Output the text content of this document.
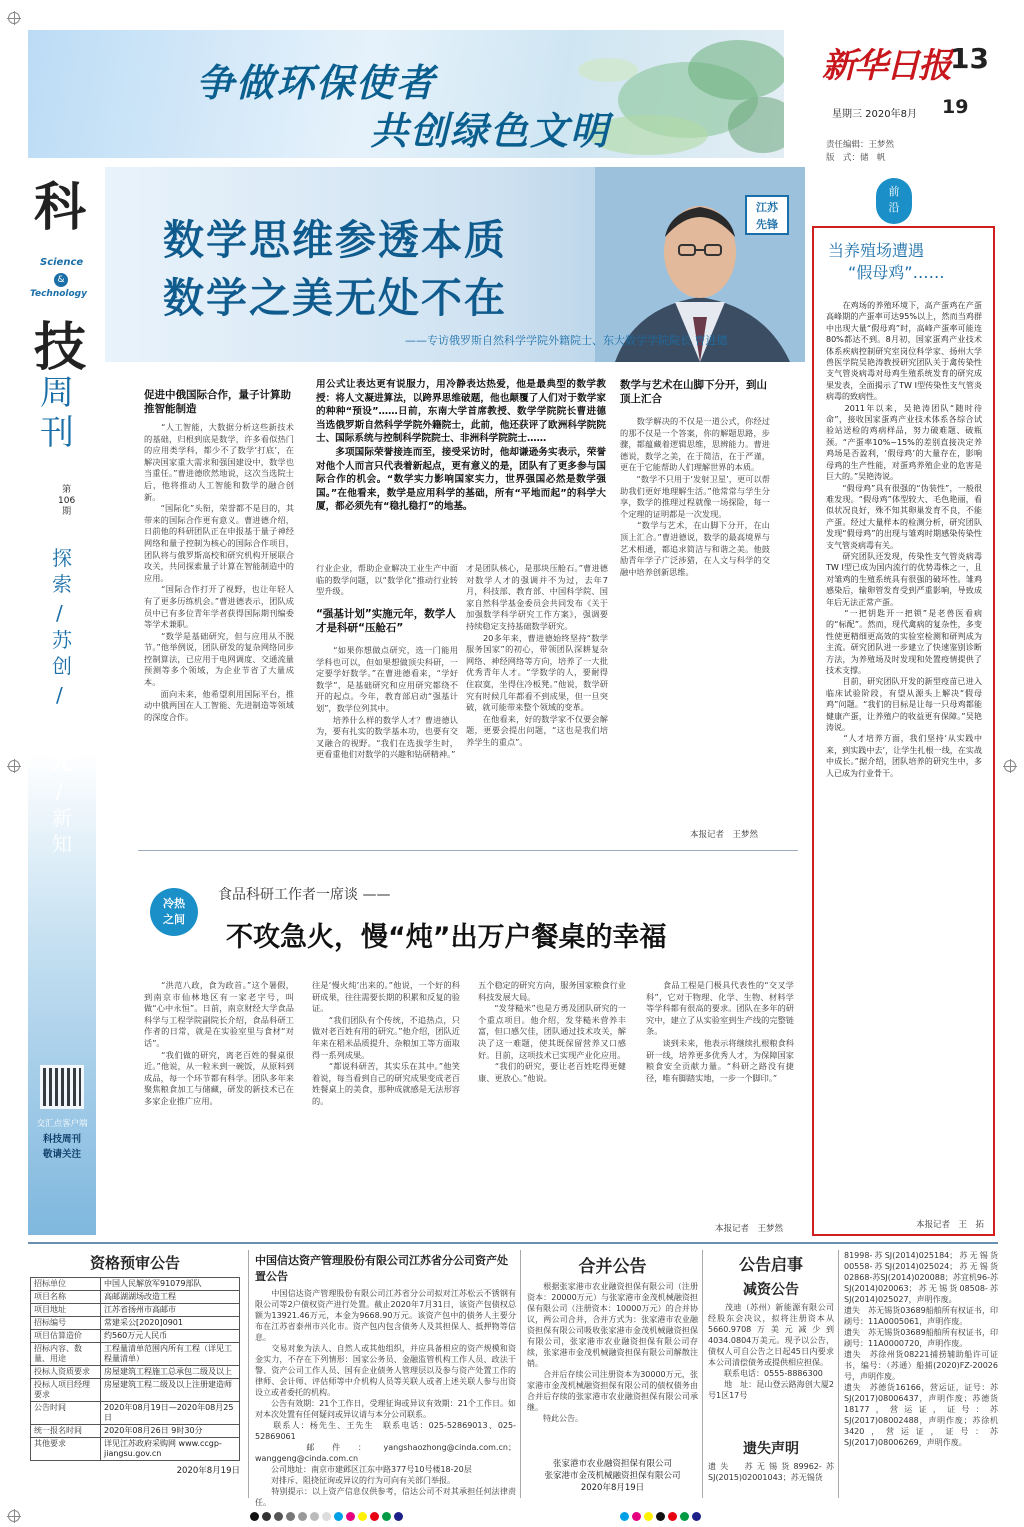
争做环保使者
共创绿色文明
新华日报 13
星期三 2020年8月 19
责任编辑：王梦然
版　式：储　帆
科
Science
&
Technology
技
周
刊
第
106
期
探索
/
苏创
/
星光
/
新知
交汇点客户端
科技周刊
敬请关注
江苏
先锋
数学思维参透本质
数学之美无处不在
——专访俄罗斯自然科学学院外籍院士、东大数学学院院长 曹进德
用公式让表达更有说服力，用冷静表达热爱，他是最典型的数学教授：将人文凝进算法，以跨界思维破题，他也颠覆了人们对于数学家的种种“预设”……日前，东南大学首席教授、数学学院院长曹进德当选俄罗斯自然科学学院外籍院士，此前，他还获评了欧洲科学院院士、国际系统与控制科学院院士、非洲科学院院士……
　　多项国际荣誉接连而至，接受采访时，他却谦逊务实表示，荣誉对他个人而言只代表着新起点，更有意义的是，团队有了更多参与国际合作的机会。“数学实力影响国家实力，世界强国必然是数学强国。”在他看来，数学是应用科学的基础，所有“平地而起”的科学大厦，都必须先有“稳扎稳打”的地基。
促进中俄国际合作，量子计算助推智能制造
　　“人工智能，大数据分析这些新技术的基础，归根到底是数学，许多看似热门的应用类学科，都少不了数学‘打底’，在解决国家重大需求和强国建设中，数学也当重任。”曹进德欣然地说，这次当选院士后，他将推动人工智能和数学的融合创新。
　　“国际化”头衔，荣誉都不是目的，其带来的国际合作更有意义。曹进德介绍，日前他的科研团队正在申报基于量子神经网络和量子控制为核心的国际合作项目，团队将与俄罗斯高校和研究机构开展联合攻关，共同探索量子计算在智能制造中的应用。
　　“国际合作打开了视野，也让年轻人有了更多历练机会。”曹进德表示，团队成员中已有多位青年学者获得国际期刊编委等学术兼职。
　　“数学是基础研究，但与应用从不脱节。”他举例说，团队研发的复杂网络同步控制算法，已应用于电网调度、交通流量预测等多个领域，为企业节省了大量成本。
　　面向未来，他希望利用国际平台，推动中俄两国在人工智能、先进制造等领域的深度合作。
行业企业，帮助企业解决工业生产中面临的数学问题，以“数学化”推动行业转型升级。
“强基计划”实施元年，数学人才是科研“压舱石”
　　“如果你想做点研究，选一门能用学科也可以，但如果想做顶尖科研，一定要学好数学。”在曹进德看来，“学好数学”，是基础研究和应用研究都绕不开的起点。今年，教育部启动“强基计划”，数学位列其中。
　　培养什么样的数学人才？曹进德认为，要有扎实的数学基本功，也要有交叉融合的视野。“我们在选拔学生时，更看重他们对数学的兴趣和钻研精神。”
才是团队核心，是那块压舱石。”曹进德对数学人才的强调并不为过，去年7月，科技部、教育部、中国科学院、国家自然科学基金委员会共同发布《关于加强数学科学研究工作方案》，强调要持续稳定支持基础数学研究。
　　20多年来，曹进德始终坚持“数学服务国家”的初心，带领团队深耕复杂网络、神经网络等方向，培养了一大批优秀青年人才。“学数学的人，要耐得住寂寞，坐得住冷板凳。”他说，数学研究有时候几年都看不到成果，但一旦突破，就可能带来整个领域的变革。
　　在他看来，好的数学家不仅要会解题，更要会提出问题，“这也是我们培养学生的重点”。
数学与艺术在山脚下分开，到山顶上汇合
　　数学解决的不仅是一道公式，你经过的那不仅是一个答案，你的解题思路，步骤，都蕴藏着逻辑思维，思辨能力。曹进德说，数学之美，在于简洁，在于严谨，更在于它能帮助人们理解世界的本质。
　　“数学不只用于‘发射卫星’，更可以帮助我们更好地理解生活。”他常常与学生分享，数学的推理过程就像一场探险，每一个定理的证明都是一次发现。
　　“数学与艺术，在山脚下分开，在山顶上汇合。”曹进德说，数学的最高境界与艺术相通，都追求简洁与和谐之美。他鼓励青年学子广泛涉猎，在人文与科学的交融中培养创新思维。
本报记者　王梦然
冷热
之间
食品科研工作者一席谈 ——
不攻急火，慢“炖”出万户餐桌的幸福
　　“洪范八政，食为政首。”这个暑假，到南京市仙林地区有一家老字号，叫做“心中永恒”。日前，南京财经大学食品科学与工程学院副院长介绍，食品科研工作者的日常，就是在实验室里与食材“对话”。
　　“我们做的研究，离老百姓的餐桌很近。”他说，从一粒米到一碗饭，从原料到成品，每一个环节都有科学。团队多年来聚焦粮食加工与储藏，研发的新技术已在多家企业推广应用。
往是‘慢火炖’出来的。”他说，一个好的科研成果，往往需要长期的积累和反复的验证。
　　“我们团队有个传统，不追热点，只做对老百姓有用的研究。”他介绍，团队近年来在稻米品质提升、杂粮加工等方面取得一系列成果。
　　“都说科研苦，其实乐在其中。”他笑着说，每当看到自己的研究成果变成老百姓餐桌上的美食，那种成就感是无法形容的。
五个稳定的研究方向，服务国家粮食行业科技发展大局。
　　“发芽糙米”也是方勇及团队研究的一个重点项目。他介绍，发芽糙米营养丰富，但口感欠佳，团队通过技术攻关，解决了这一难题，使其既保留营养又口感好。目前，这项技术已实现产业化应用。
　　“我们的研究，要让老百姓吃得更健康、更放心。”他说。
　　食品工程是门极具代表性的“交叉学科”，它对于物理、化学、生物、材料学等学科都有很高的要求。团队在多年的研究中，建立了从实验室到生产线的完整链条。
　　谈到未来，他表示将继续扎根粮食科研一线，培养更多优秀人才，为保障国家粮食安全贡献力量。“科研之路没有捷径，唯有脚踏实地，一步一个脚印。”
本报记者　王梦然
前
沿
当养殖场遭遇
“假母鸡”……
　　在鸡场的养殖环境下，高产蛋鸡在产蛋高峰期的产蛋率可达95%以上，然而当鸡群中出现大量“假母鸡”时，高峰产蛋率可能连80%都达不到。8月初，国家蛋鸡产业技术体系疾病控制研究室岗位科学家、扬州大学兽医学院吴艳涛教授研究团队关于禽传染性支气管炎病毒对母鸡生殖系统发育的研究成果发表，全面揭示了TW I型传染性支气管炎病毒的致病性。
　　2011年以来，吴艳涛团队“随时待命”，接收国家蛋鸡产业技术体系各综合试验站送检的鸡病样品，努力破难题、破瓶颈。“产蛋率10%~15%的差别直接决定养鸡场是否盈利，‘假母鸡’的大量存在，影响母鸡的生产性能，对蛋鸡养殖企业的危害是巨大的。”吴艳涛说。
　　“假母鸡”具有很强的“伪装性”，一般很难发现。“假母鸡”体型较大、毛色艳丽，看似状况良好，殊不知其卵巢发育不良，不能产蛋。经过大量样本的检测分析，研究团队发现“假母鸡”的出现与雏鸡时期感染传染性支气管炎病毒有关。
　　研究团队还发现，传染性支气管炎病毒TW I型已成为国内流行的优势毒株之一，且对雏鸡的生殖系统具有很强的破坏性。雏鸡感染后，输卵管发育受到严重影响，导致成年后无法正常产蛋。
　　“一把钥匙开一把锁”是老兽医看病的“标配”。然而，现代禽病的复杂性，多变性使更精细更高效的实验室检测和研判成为主流。研究团队进一步建立了快速鉴别诊断方法，为养殖场及时发现和处置疫情提供了技术支撑。
　　目前，研究团队开发的新型疫苗已进入临床试验阶段，有望从源头上解决“假母鸡”问题。“我们的目标是让每一只母鸡都能健康产蛋，让养殖户的收益更有保障。”吴艳涛说。
　　“人才培养方面，我们坚持‘从实践中来，到实践中去’，让学生扎根一线，在实战中成长。”据介绍，团队培养的研究生中，多人已成为行业骨干。
本报记者　王　拓
资格预审公告
招标单位	中国人民解放军91079部队
项目名称	高邮湖湖场改造工程
项目地址	江苏省扬州市高邮市
招标编号	常建采公[2020]0901
项目估算造价	约560万元人民币
招标内容、数量、用途	工程量清单范围内所有工程（详见工程量清单）
投标人资质要求	房屋建筑工程施工总承包二级及以上
投标人项目经理要求	房屋建筑工程二级及以上注册建造师
公告时间	2020年08月19日—2020年08月25日
统一报名时间	2020年08月26日 9时30分
其他要求	详见江苏政府采购网 www.ccgp-jiangsu.gov.cn
2020年8月19日
中国信达资产管理股份有限公司江苏省分公司资产处置公告
　　中国信达资产管理股份有限公司江苏省分公司拟对江苏松云不锈钢有限公司等2户债权资产进行处置。截止2020年7月31日，该资产包债权总额为13921.46万元，本金为9668.90万元。该资产包中的债务人主要分布在江苏省泰州市兴化市。资产包内包含债务人及其担保人、抵押物等信息。
　　交易对象为法人、自然人或其他组织，并应具备相应的资产规模和资金实力，不存在下列情形：国家公务员、金融监管机构工作人员、政法干警、资产公司工作人员、国有企业债务人管理层以及参与资产处置工作的律师、会计师、评估师等中介机构人员等关联人或者上述关联人参与出资设立或者委托的机构。
　　公告有效期：21个工作日，受理征询或异议有效期：21个工作日。如对本次处置有任何疑问或异议请与本分公司联系。
　　联系人：杨先生、王先生　联系电话：025-52869013、025-52869061
　　邮件：yangshaozhong@cinda.com.cn；wanggeng@cinda.com.cn
　　公司地址：南京市建邺区江东中路377号10号楼18-20层
　　对排斥、阻挠征询或异议的行为可向有关部门举报。
　　特别提示：以上资产信息仅供参考，信达公司不对其承担任何法律责任。
合并公告
　　根据张家港市农业融资担保有限公司（注册资本：20000万元）与张家港市金茂机械融资担保有限公司（注册资本：10000万元）的合并协议，两公司合并，合并方式为：张家港市农业融资担保有限公司吸收张家港市金茂机械融资担保有限公司，张家港市农业融资担保有限公司存续，张家港市金茂机械融资担保有限公司解散注销。
　　合并后存续公司注册资本为30000万元，张家港市金茂机械融资担保有限公司的债权债务由合并后存续的张家港市农业融资担保有限公司承继。
　　特此公告。
张家港市农业融资担保有限公司
张家港市金茂机械融资担保有限公司
2020年8月19日
公告启事
减资公告
　　茂迪（苏州）新能源有限公司经股东会决议，拟将注册资本从5660.9708万美元减少到4034.0804万美元。现予以公告，债权人可自公告之日起45日内要求本公司清偿债务或提供相应担保。
　　联系电话：0555-8886300
　　地　址：昆山登云路海创大厦2号1区17号
遗失声明
遗失　苏无锡货89962-苏SJ(2015)02001043；苏无锡货
81998-苏SJ(2014)025184；苏无锡货00558-苏SJ(2014)025024；苏无锡货02868-苏SJ(2014)020088；苏宜机96-苏SJ(2014)020063；苏无锡货08508-苏SJ(2014)025027，声明作废。
遗失　苏无锡货03689船舶所有权证书，印刷号：11A0005061，声明作废。
遗失　苏无锡货03689船舶所有权证书，印刷号：11A0000720，声明作废。
遗失　苏徐州货08221捕捞辅助船许可证书，编号：（苏通）船捕(2020)FZ-20026号，声明作废。
遗失　苏德货16166，营运证，证号：苏SJ(2017)08006437，声明作废；苏德货18177，营运证，证号：苏SJ(2017)08002488，声明作废；苏徐机3420，营运证，证号：苏SJ(2017)08006269，声明作废。
